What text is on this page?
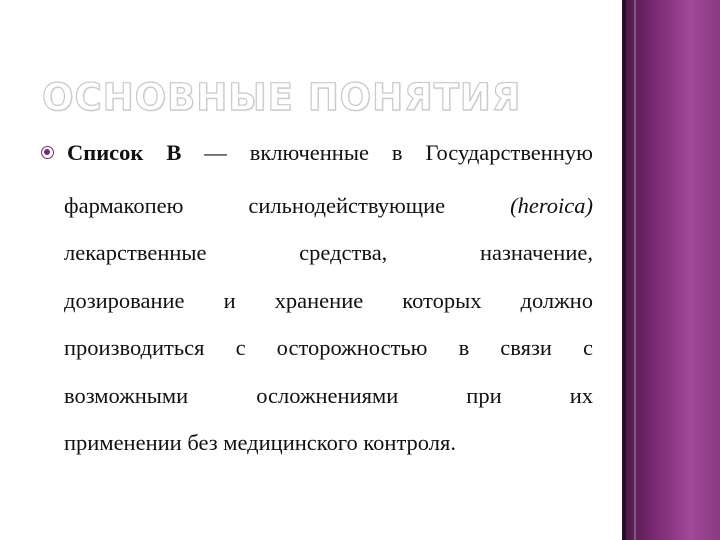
ОСНОВНЫЕ ПОНЯТИЯ
Список В — включенные в Государственную
фармакопею	сильнодействующие	(heroica)
лекарственные	средства,	назначение,
дозирование и хранение которых должно
производиться с осторожностью в связи с
возможными	осложнениями	при	их
применении без медицинского контроля.
